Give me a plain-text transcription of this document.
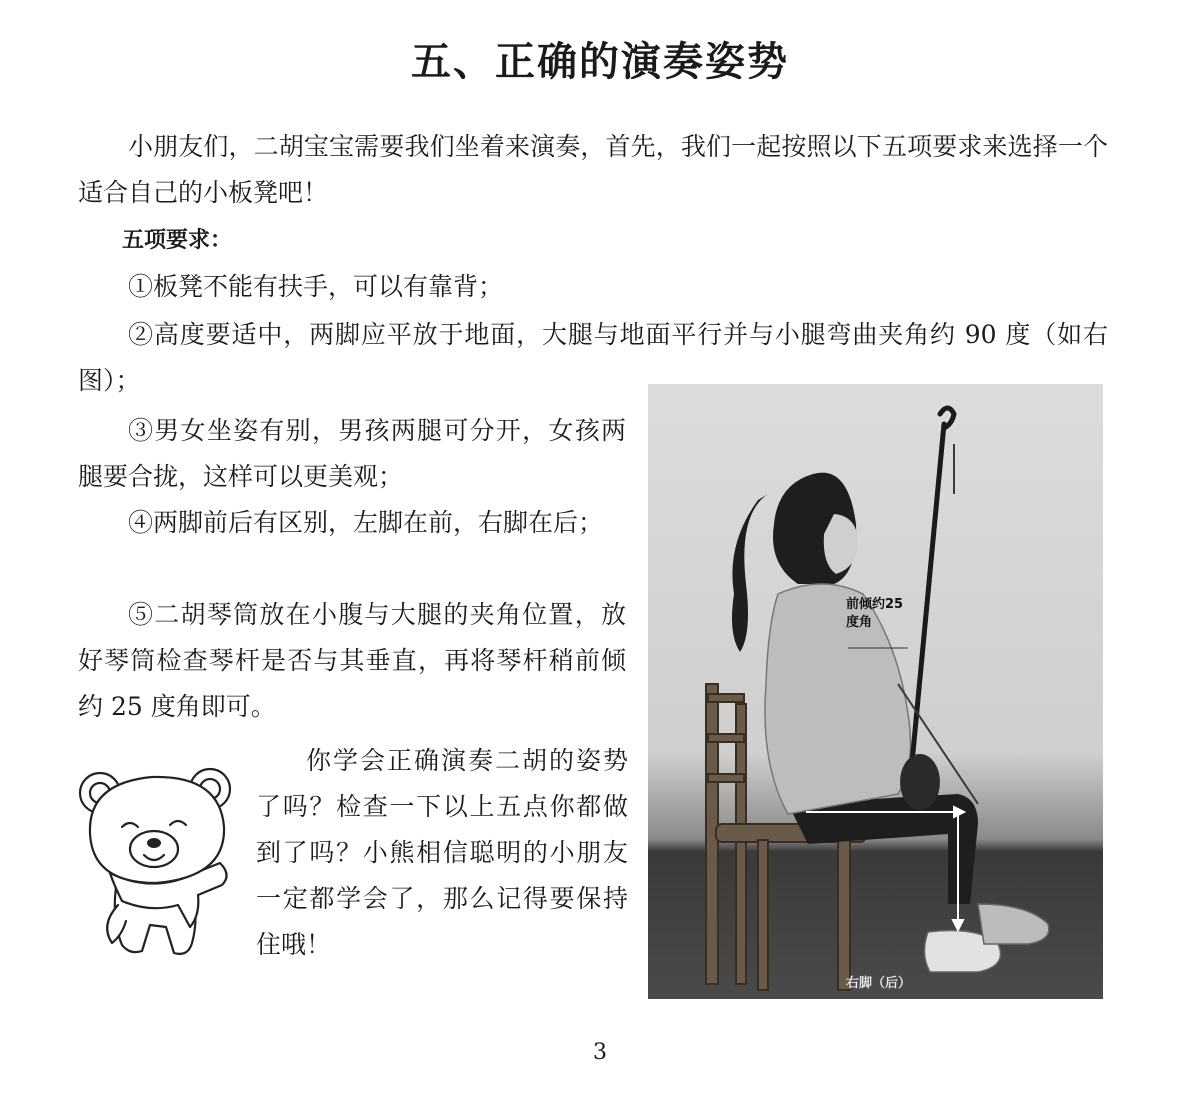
五、正确的演奏姿势

小朋友们，二胡宝宝需要我们坐着来演奏，首先，我们一起按照以下五项要求来选择一个适合自己的小板凳吧！

五项要求：

①板凳不能有扶手，可以有靠背；

②高度要适中，两脚应平放于地面，大腿与地面平行并与小腿弯曲夹角约 90 度（如右图）；

③男女坐姿有别，男孩两腿可分开，女孩两腿要合拢，这样可以更美观；

④两脚前后有区别，左脚在前，右脚在后；

⑤二胡琴筒放在小腹与大腿的夹角位置，放好琴筒检查琴杆是否与其垂直，再将琴杆稍前倾约 25 度角即可。

你学会正确演奏二胡的姿势了吗？检查一下以上五点你都做到了吗？小熊相信聪明的小朋友一定都学会了，那么记得要保持住哦！

前倾约25度角
右脚（后）
3
